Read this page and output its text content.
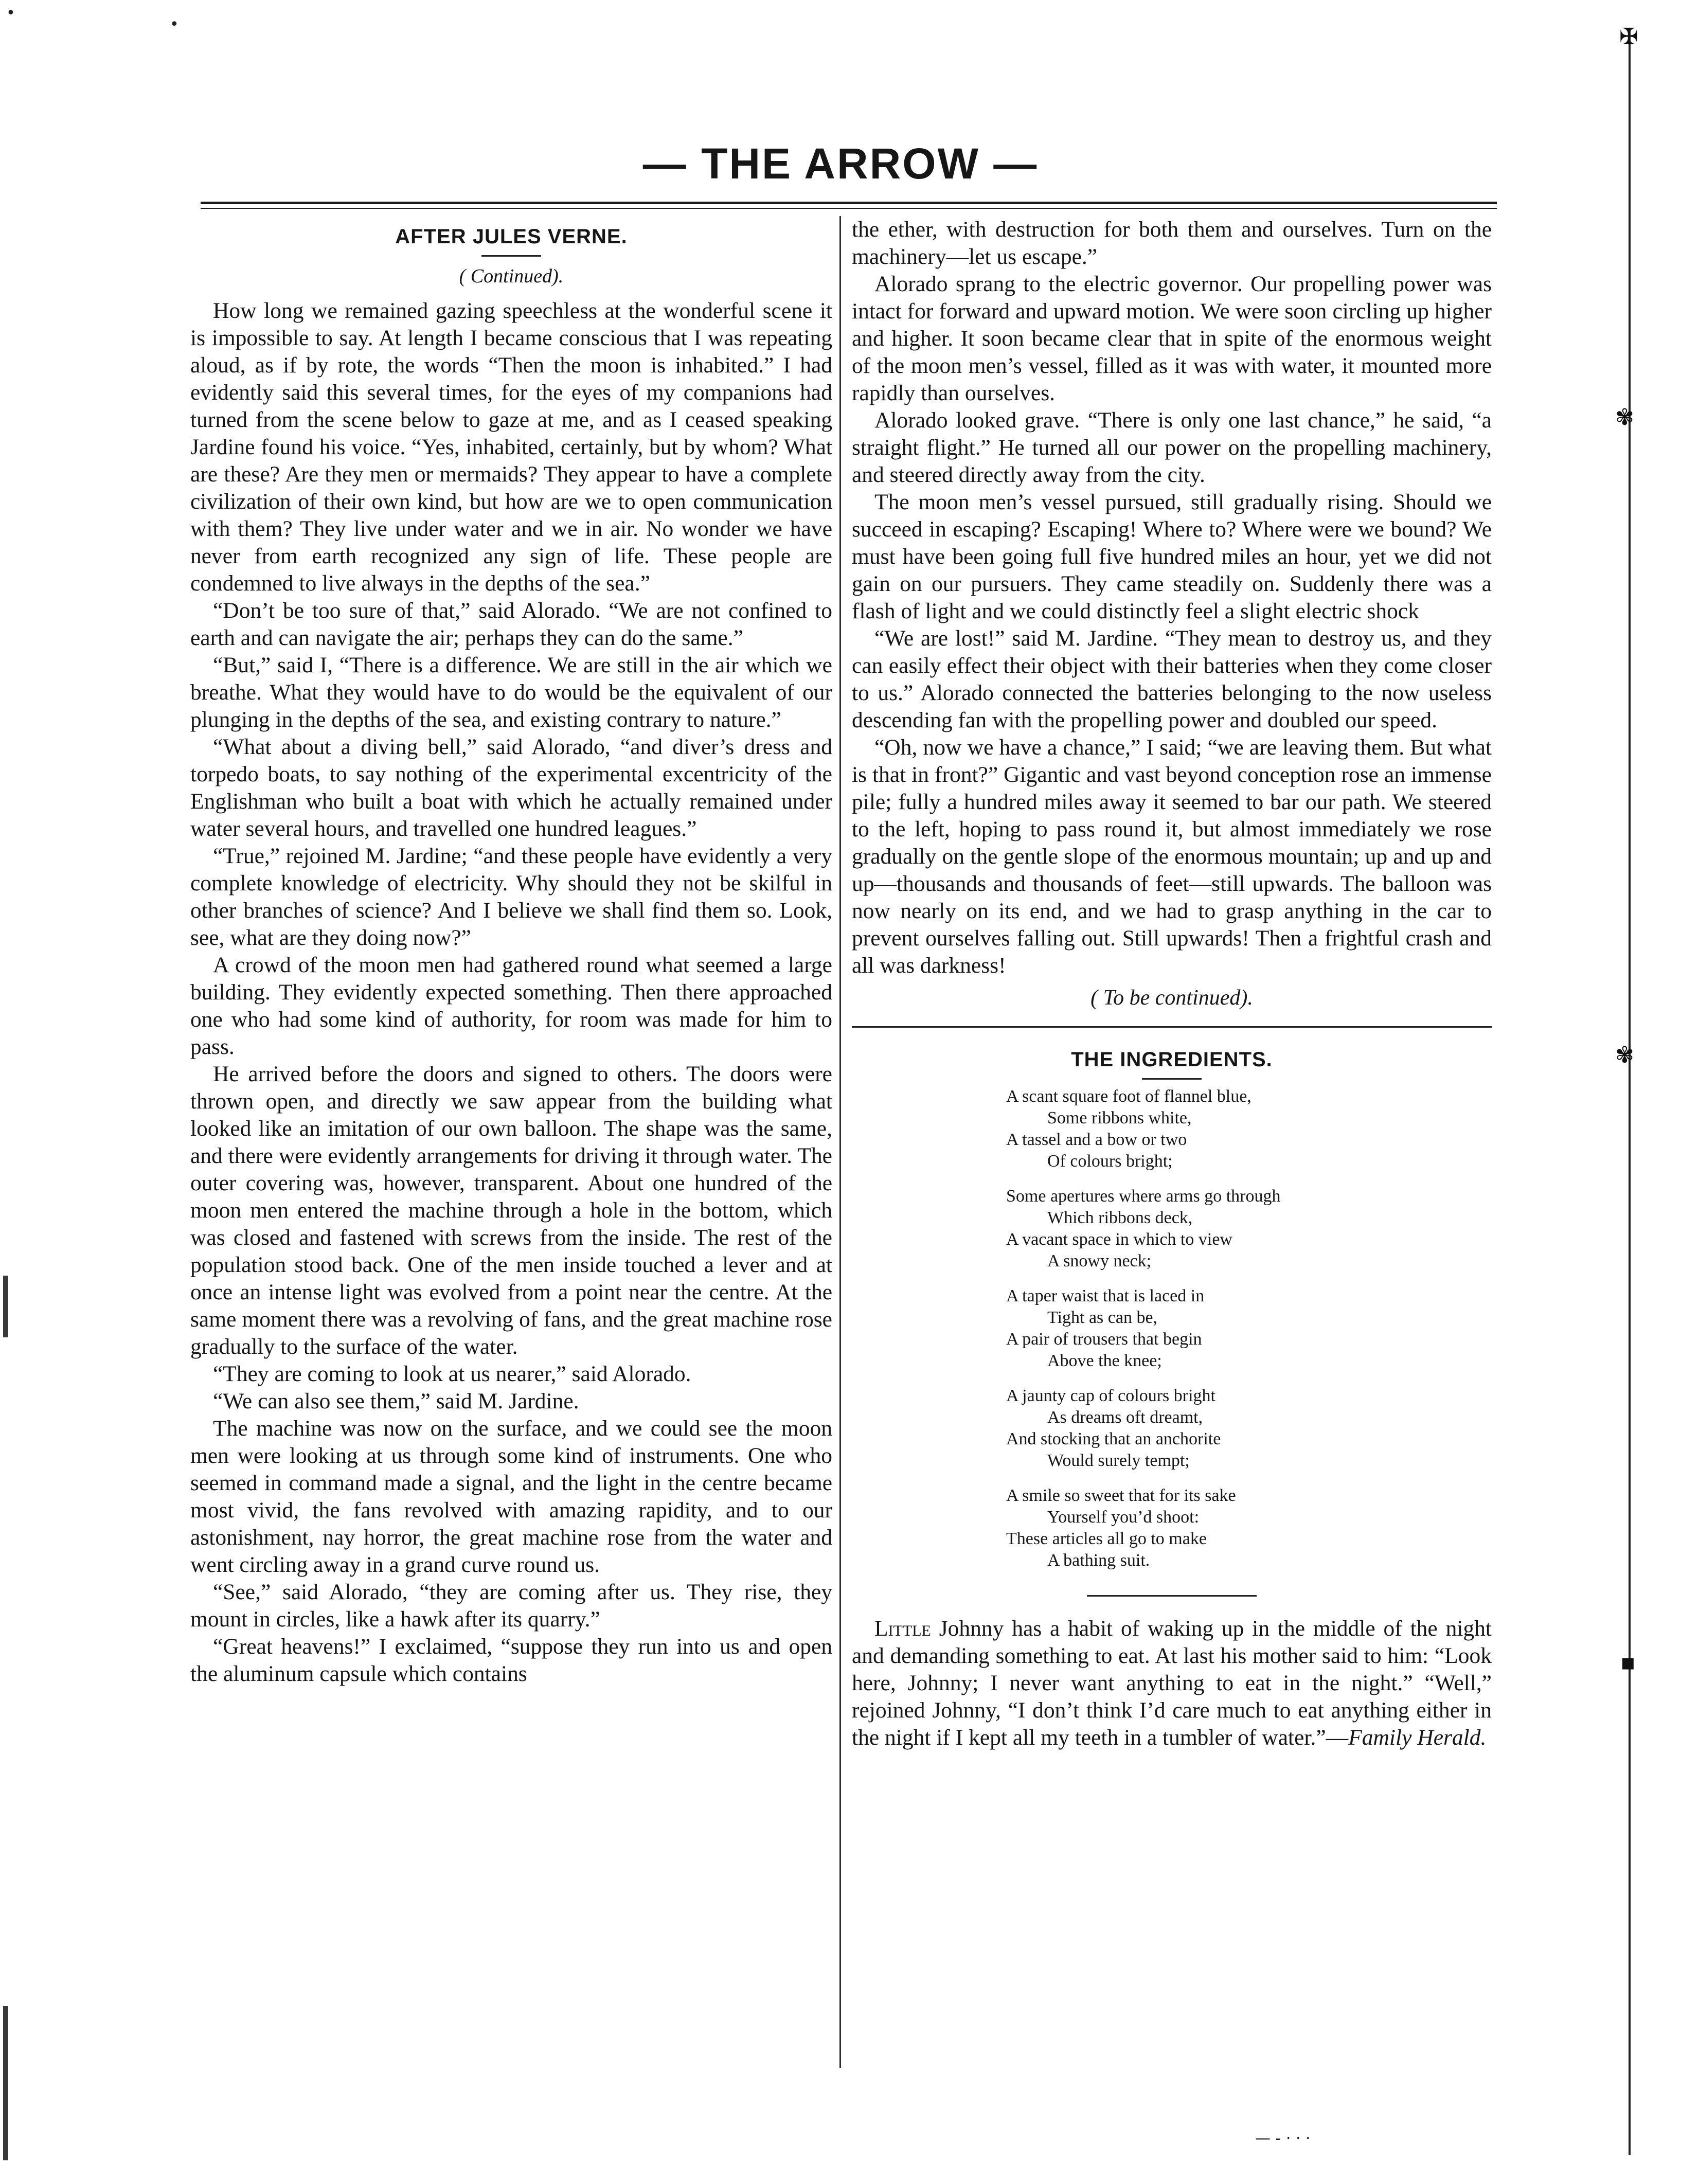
•
•	✠
✾
✾
▪
— - · · ·
— THE ARROW —
AFTER JULES VERNE.
( Continued).

How long we remained gazing speechless at the wonderful scene it is impossible to say. At length I became conscious that I was repeating aloud, as if by rote, the words “Then the moon is inhabited.” I had evidently said this several times, for the eyes of my companions had turned from the scene below to gaze at me, and as I ceased speaking Jardine found his voice. “Yes, inhabited, certainly, but by whom? What are these? Are they men or mermaids? They appear to have a complete civilization of their own kind, but how are we to open communication with them? They live under water and we in air. No wonder we have never from earth recognized any sign of life. These people are condemned to live always in the depths of the sea.”

“Don’t be too sure of that,” said Alorado. “We are not confined to earth and can navigate the air; perhaps they can do the same.”

“But,” said I, “There is a difference. We are still in the air which we breathe. What they would have to do would be the equivalent of our plunging in the depths of the sea, and existing contrary to nature.”

“What about a diving bell,” said Alorado, “and diver’s dress and torpedo boats, to say nothing of the experimental excentricity of the Englishman who built a boat with which he actually remained under water several hours, and travelled one hundred leagues.”

“True,” rejoined M. Jardine; “and these people have evidently a very complete knowledge of electricity. Why should they not be skilful in other branches of science? And I believe we shall find them so. Look, see, what are they doing now?”

A crowd of the moon men had gathered round what seemed a large building. They evidently expected something. Then there approached one who had some kind of authority, for room was made for him to pass.

He arrived before the doors and signed to others. The doors were thrown open, and directly we saw appear from the building what looked like an imitation of our own balloon. The shape was the same, and there were evidently arrangements for driving it through water. The outer covering was, however, transparent. About one hundred of the moon men entered the machine through a hole in the bottom, which was closed and fastened with screws from the inside. The rest of the population stood back. One of the men inside touched a lever and at once an intense light was evolved from a point near the centre. At the same moment there was a revolving of fans, and the great machine rose gradually to the surface of the water.

“They are coming to look at us nearer,” said Alorado.

“We can also see them,” said M. Jardine.

The machine was now on the surface, and we could see the moon men were looking at us through some kind of instruments. One who seemed in command made a signal, and the light in the centre became most vivid, the fans revolved with amazing rapidity, and to our astonishment, nay horror, the great machine rose from the water and went circling away in a grand curve round us.

“See,” said Alorado, “they are coming after us. They rise, they mount in circles, like a hawk after its quarry.”

“Great heavens!” I exclaimed, “suppose they run into us and open the aluminum capsule which contains

the ether, with destruction for both them and ourselves. Turn on the machinery—let us escape.”

Alorado sprang to the electric governor. Our propelling power was intact for forward and upward motion. We were soon circling up higher and higher. It soon became clear that in spite of the enormous weight of the moon men’s vessel, filled as it was with water, it mounted more rapidly than ourselves.

Alorado looked grave. “There is only one last chance,” he said, “a straight flight.” He turned all our power on the propelling machinery, and steered directly away from the city.

The moon men’s vessel pursued, still gradually rising. Should we succeed in escaping? Escaping! Where to? Where were we bound? We must have been going full five hundred miles an hour, yet we did not gain on our pursuers. They came steadily on. Suddenly there was a flash of light and we could distinctly feel a slight electric shock

“We are lost!” said M. Jardine. “They mean to destroy us, and they can easily effect their object with their batteries when they come closer to us.” Alorado connected the batteries belonging to the now useless descending fan with the propelling power and doubled our speed.

“Oh, now we have a chance,” I said; “we are leaving them. But what is that in front?” Gigantic and vast beyond conception rose an immense pile; fully a hundred miles away it seemed to bar our path. We steered to the left, hoping to pass round it, but almost immediately we rose gradually on the gentle slope of the enormous mountain; up and up and up—thousands and thousands of feet—still upwards. The balloon was now nearly on its end, and we had to grasp anything in the car to prevent ourselves falling out. Still upwards! Then a frightful crash and all was darkness!

( To be continued).
THE INGREDIENTS.
A scant square foot of flannel blue,
Some ribbons white,
A tassel and a bow or two
Of colours bright;
Some apertures where arms go through
Which ribbons deck,
A vacant space in which to view
A snowy neck;
A taper waist that is laced in
Tight as can be,
A pair of trousers that begin
Above the knee;
A jaunty cap of colours bright
As dreams oft dreamt,
And stocking that an anchorite
Would surely tempt;
A smile so sweet that for its sake
Yourself you’d shoot:
These articles all go to make
A bathing suit.

Little Johnny has a habit of waking up in the middle of the night and demanding something to eat. At last his mother said to him: “Look here, Johnny; I never want anything to eat in the night.” “Well,” rejoined Johnny, “I don’t think I’d care much to eat anything either in the night if I kept all my teeth in a tumbler of water.”—Family Herald.
